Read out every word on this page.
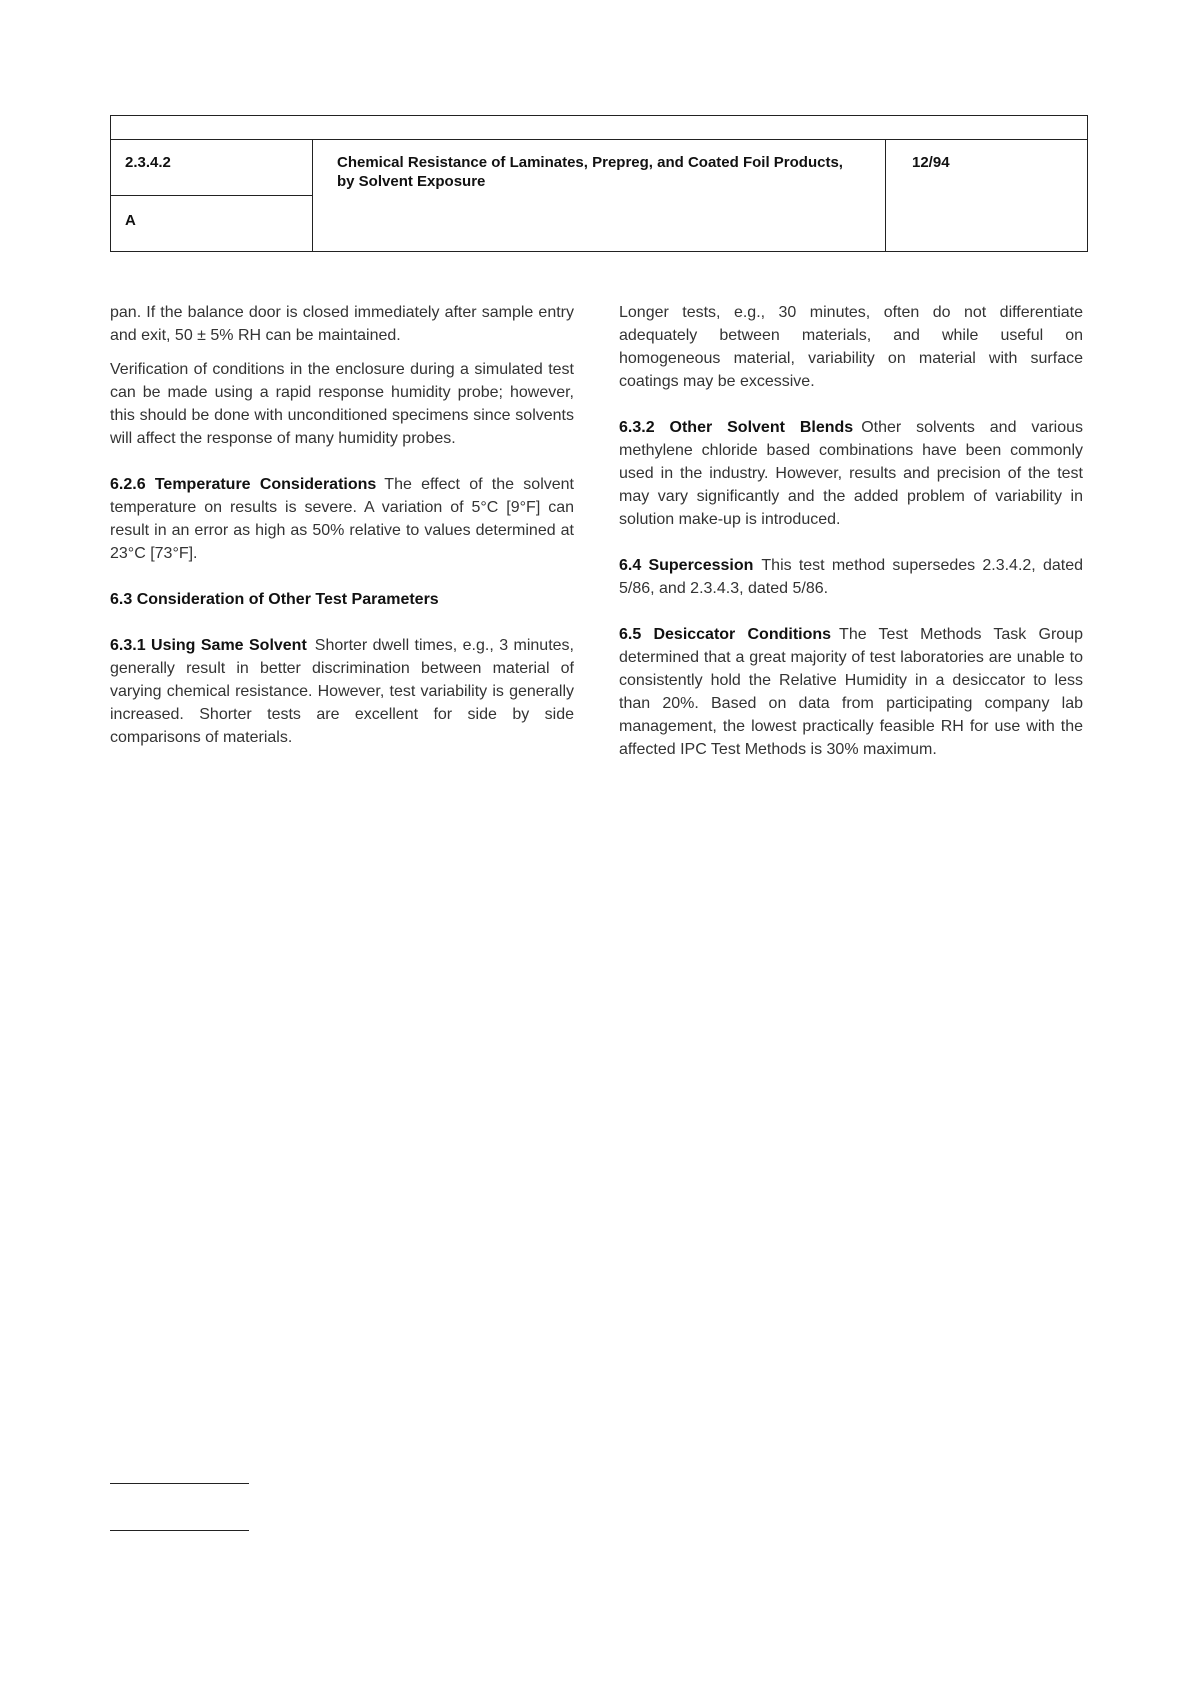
2.3.4.2
A
Chemical Resistance of Laminates, Prepreg, and Coated Foil Products, by Solvent Exposure
12/94

pan. If the balance door is closed immediately after sample entry and exit, 50 ± 5% RH can be maintained.

Verification of conditions in the enclosure during a simulated test can be made using a rapid response humidity probe; however, this should be done with unconditioned specimens since solvents will affect the response of many humidity probes.

6.2.6 Temperature Considerations The effect of the solvent temperature on results is severe. A variation of 5°C [9°F] can result in an error as high as 50% relative to values determined at 23°C [73°F].

6.3 Consideration of Other Test Parameters

6.3.1 Using Same Solvent Shorter dwell times, e.g., 3 minutes, generally result in better discrimination between material of varying chemical resistance. However, test variability is generally increased. Shorter tests are excellent for side by side comparisons of materials.

Longer tests, e.g., 30 minutes, often do not differentiate adequately between materials, and while useful on homogeneous material, variability on material with surface coatings may be excessive.

6.3.2 Other Solvent Blends Other solvents and various methylene chloride based combinations have been commonly used in the industry. However, results and precision of the test may vary significantly and the added problem of variability in solution make-up is introduced.

6.4 Supercession This test method supersedes 2.3.4.2, dated 5/86, and 2.3.4.3, dated 5/86.

6.5 Desiccator Conditions The Test Methods Task Group determined that a great majority of test laboratories are unable to consistently hold the Relative Humidity in a desiccator to less than 20%. Based on data from participating company lab management, the lowest practically feasible RH for use with the affected IPC Test Methods is 30% maximum.
